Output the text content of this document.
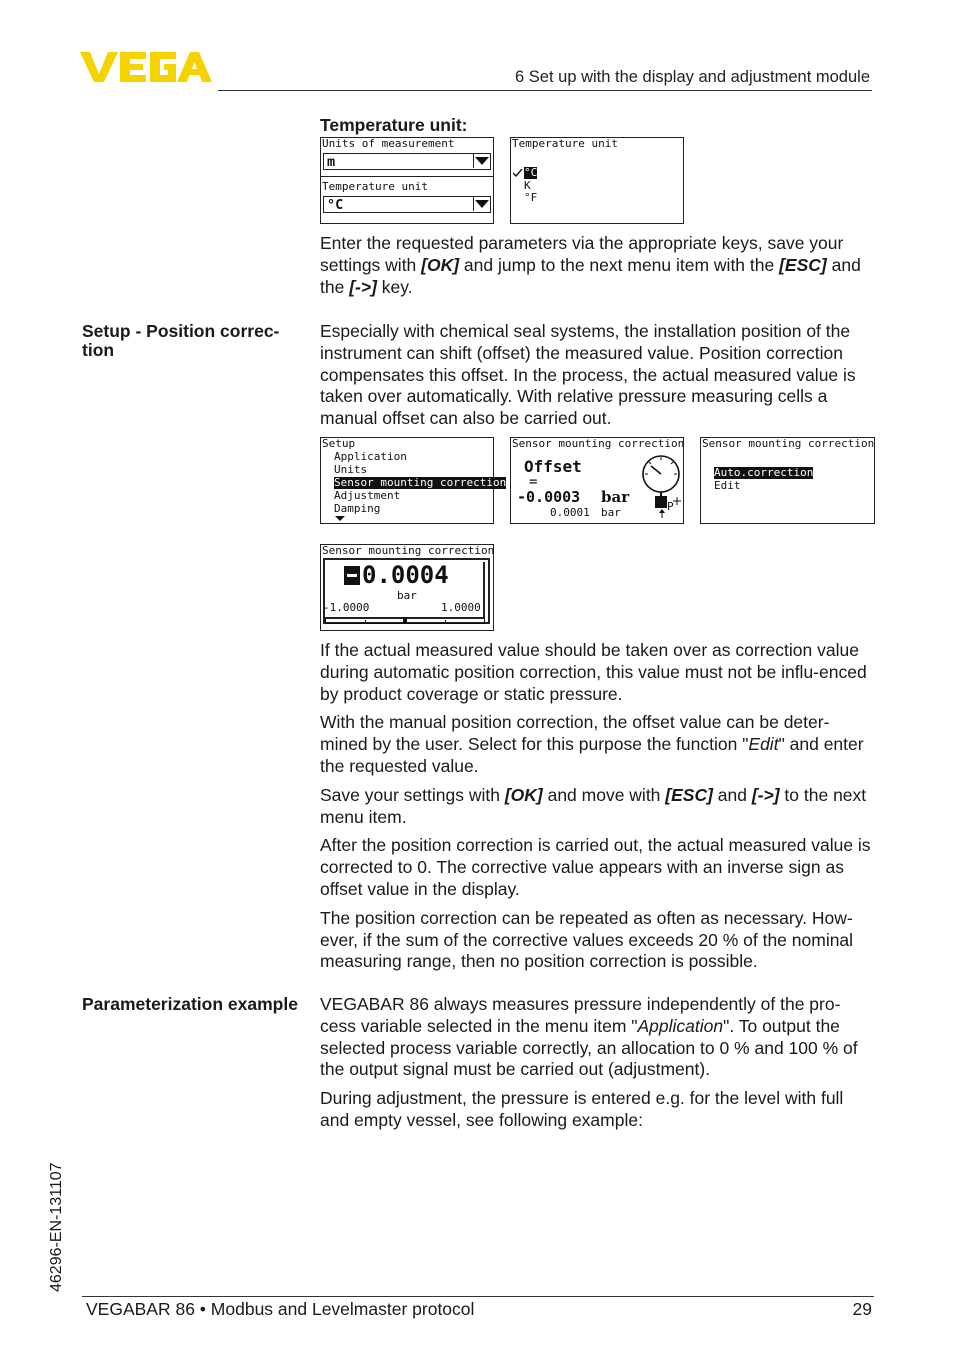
6 Set up with the display and adjustment module
Temperature unit:
Units of measurement
m
Temperature unit
°C
Temperature unit
°C
K
°F

Enter the requested parameters via the appropriate keys, save your settings with [OK] and jump to the next menu item with the [ESC] and the [->] key.

Setup - Position correc-
tion
Especially with chemical seal systems, the installation position of the instrument can shift (offset) the measured value. Position correction compensates this offset. In the process, the actual measured value is taken over automatically. With relative pressure measuring cells a manual offset can also be carried out.
Setup
Application
Units
Sensor mounting correction
Adjustment
Damping
Sensor mounting correction
Offset
=
-0.0003 bar
0.0001 bar	P
Sensor mounting correction
Auto.correction
Edit
Sensor mounting correction
0.0004
bar
-1.0000	1.0000

If the actual measured value should be taken over as correction value during automatic position correction, this value must not be influ-enced by product coverage or static pressure.

With the manual position correction, the offset value can be deter-mined by the user. Select for this purpose the function "Edit" and enter the requested value.

Save your settings with [OK] and move with [ESC] and [->] to the next menu item.

After the position correction is carried out, the actual measured value is corrected to 0. The corrective value appears with an inverse sign as offset value in the display.

The position correction can be repeated as often as necessary. How-ever, if the sum of the corrective values exceeds 20 % of the nominal measuring range, then no position correction is possible.

Parameterization example VEGABAR 86 always measures pressure independently of the pro-cess variable selected in the menu item "Application". To output the selected process variable correctly, an allocation to 0 % and 100 % of the output signal must be carried out (adjustment).

During adjustment, the pressure is entered e.g. for the level with full and empty vessel, see following example:

46296-EN-131107
VEGABAR 86 • Modbus and Levelmaster protocol	29
